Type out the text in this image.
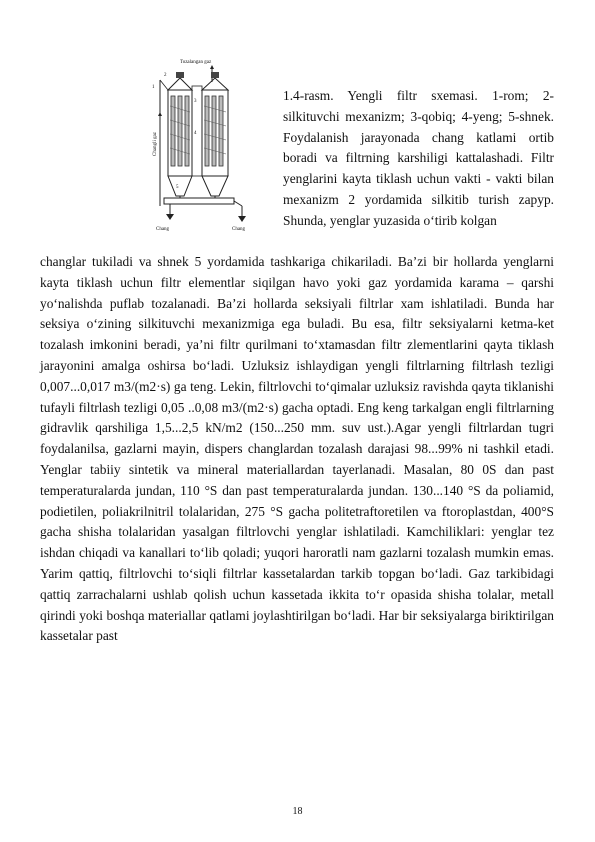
Tozalangan gaz
Changli gaz
Chang	Chang
1
2
3
4
5

1.4-rasm. Yengli filtr sxemasi. 1-rom; 2-silkituvchi mexanizm; 3-qobiq; 4-yeng; 5-shnek. Foydalanish jarayonada chang katlami ortib boradi va filtrning karshiligi kattalashadi. Filtr yenglarini kayta tiklash uchun vakti - vakti bilan mexanizm 2 yordamida silkitib turish zapyp. Shunda, yenglar yuzasida o‘tirib kolgan

changlar tukiladi va shnek 5 yordamida tashkariga chikariladi. Ba’zi bir hollarda yenglarni kayta tiklash uchun filtr elementlar siqilgan havo yoki gaz yordamida karama – qarshi yo‘nalishda puflab tozalanadi. Ba’zi hollarda seksiyali filtrlar xam ishlatiladi. Bunda har seksiya o‘zining silkituvchi mexanizmiga ega buladi. Bu esa, filtr seksiyalarni ketma-ket tozalash imkonini beradi, ya’ni filtr qurilmani to‘xtamasdan filtr zlementlarini qayta tiklash jarayonini amalga oshirsa bo‘ladi. Uzluksiz ishlaydigan yengli filtrlarning filtrlash tezligi 0,007...0,017 m3/(m2·s) ga teng. Lekin, filtrlovchi to‘qimalar uzluksiz ravishda qayta tiklanishi tufayli filtrlash tezligi 0,05 ..0,08 m3/(m2·s) gacha optadi. Eng keng tarkalgan engli filtrlarning gidravlik qarshiliga 1,5...2,5 kN/m2 (150...250 mm. suv ust.).Agar yengli filtrlardan tugri foydalanilsa, gazlarni mayin, dispers changlardan tozalash darajasi 98...99% ni tashkil etadi. Yenglar tabiiy sintetik va mineral materiallardan tayerlanadi. Masalan, 80 0S dan past temperaturalarda jundan, 110 °S dan past temperaturalarda jundan. 130...140 °S da poliamid, podietilen, poliakrilnitril tolalaridan, 275 °S gacha politetraftoretilen va ftoroplastdan, 400°S gacha shisha tolalaridan yasalgan filtrlovchi yenglar ishlatiladi. Kamchiliklari: yenglar tez ishdan chiqadi va kanallari to‘lib qoladi; yuqori haroratli nam gazlarni tozalash mumkin emas. Yarim qattiq, filtrlovchi to‘siqli filtrlar kassetalardan tarkib topgan bo‘ladi. Gaz tarkibidagi qattiq zarrachalarni ushlab qolish uchun kassetada ikkita to‘r opasida shisha tolalar, metall qirindi yoki boshqa materiallar qatlami joylashtirilgan bo‘ladi. Har bir seksiyalarga biriktirilgan kassetalar past

18
